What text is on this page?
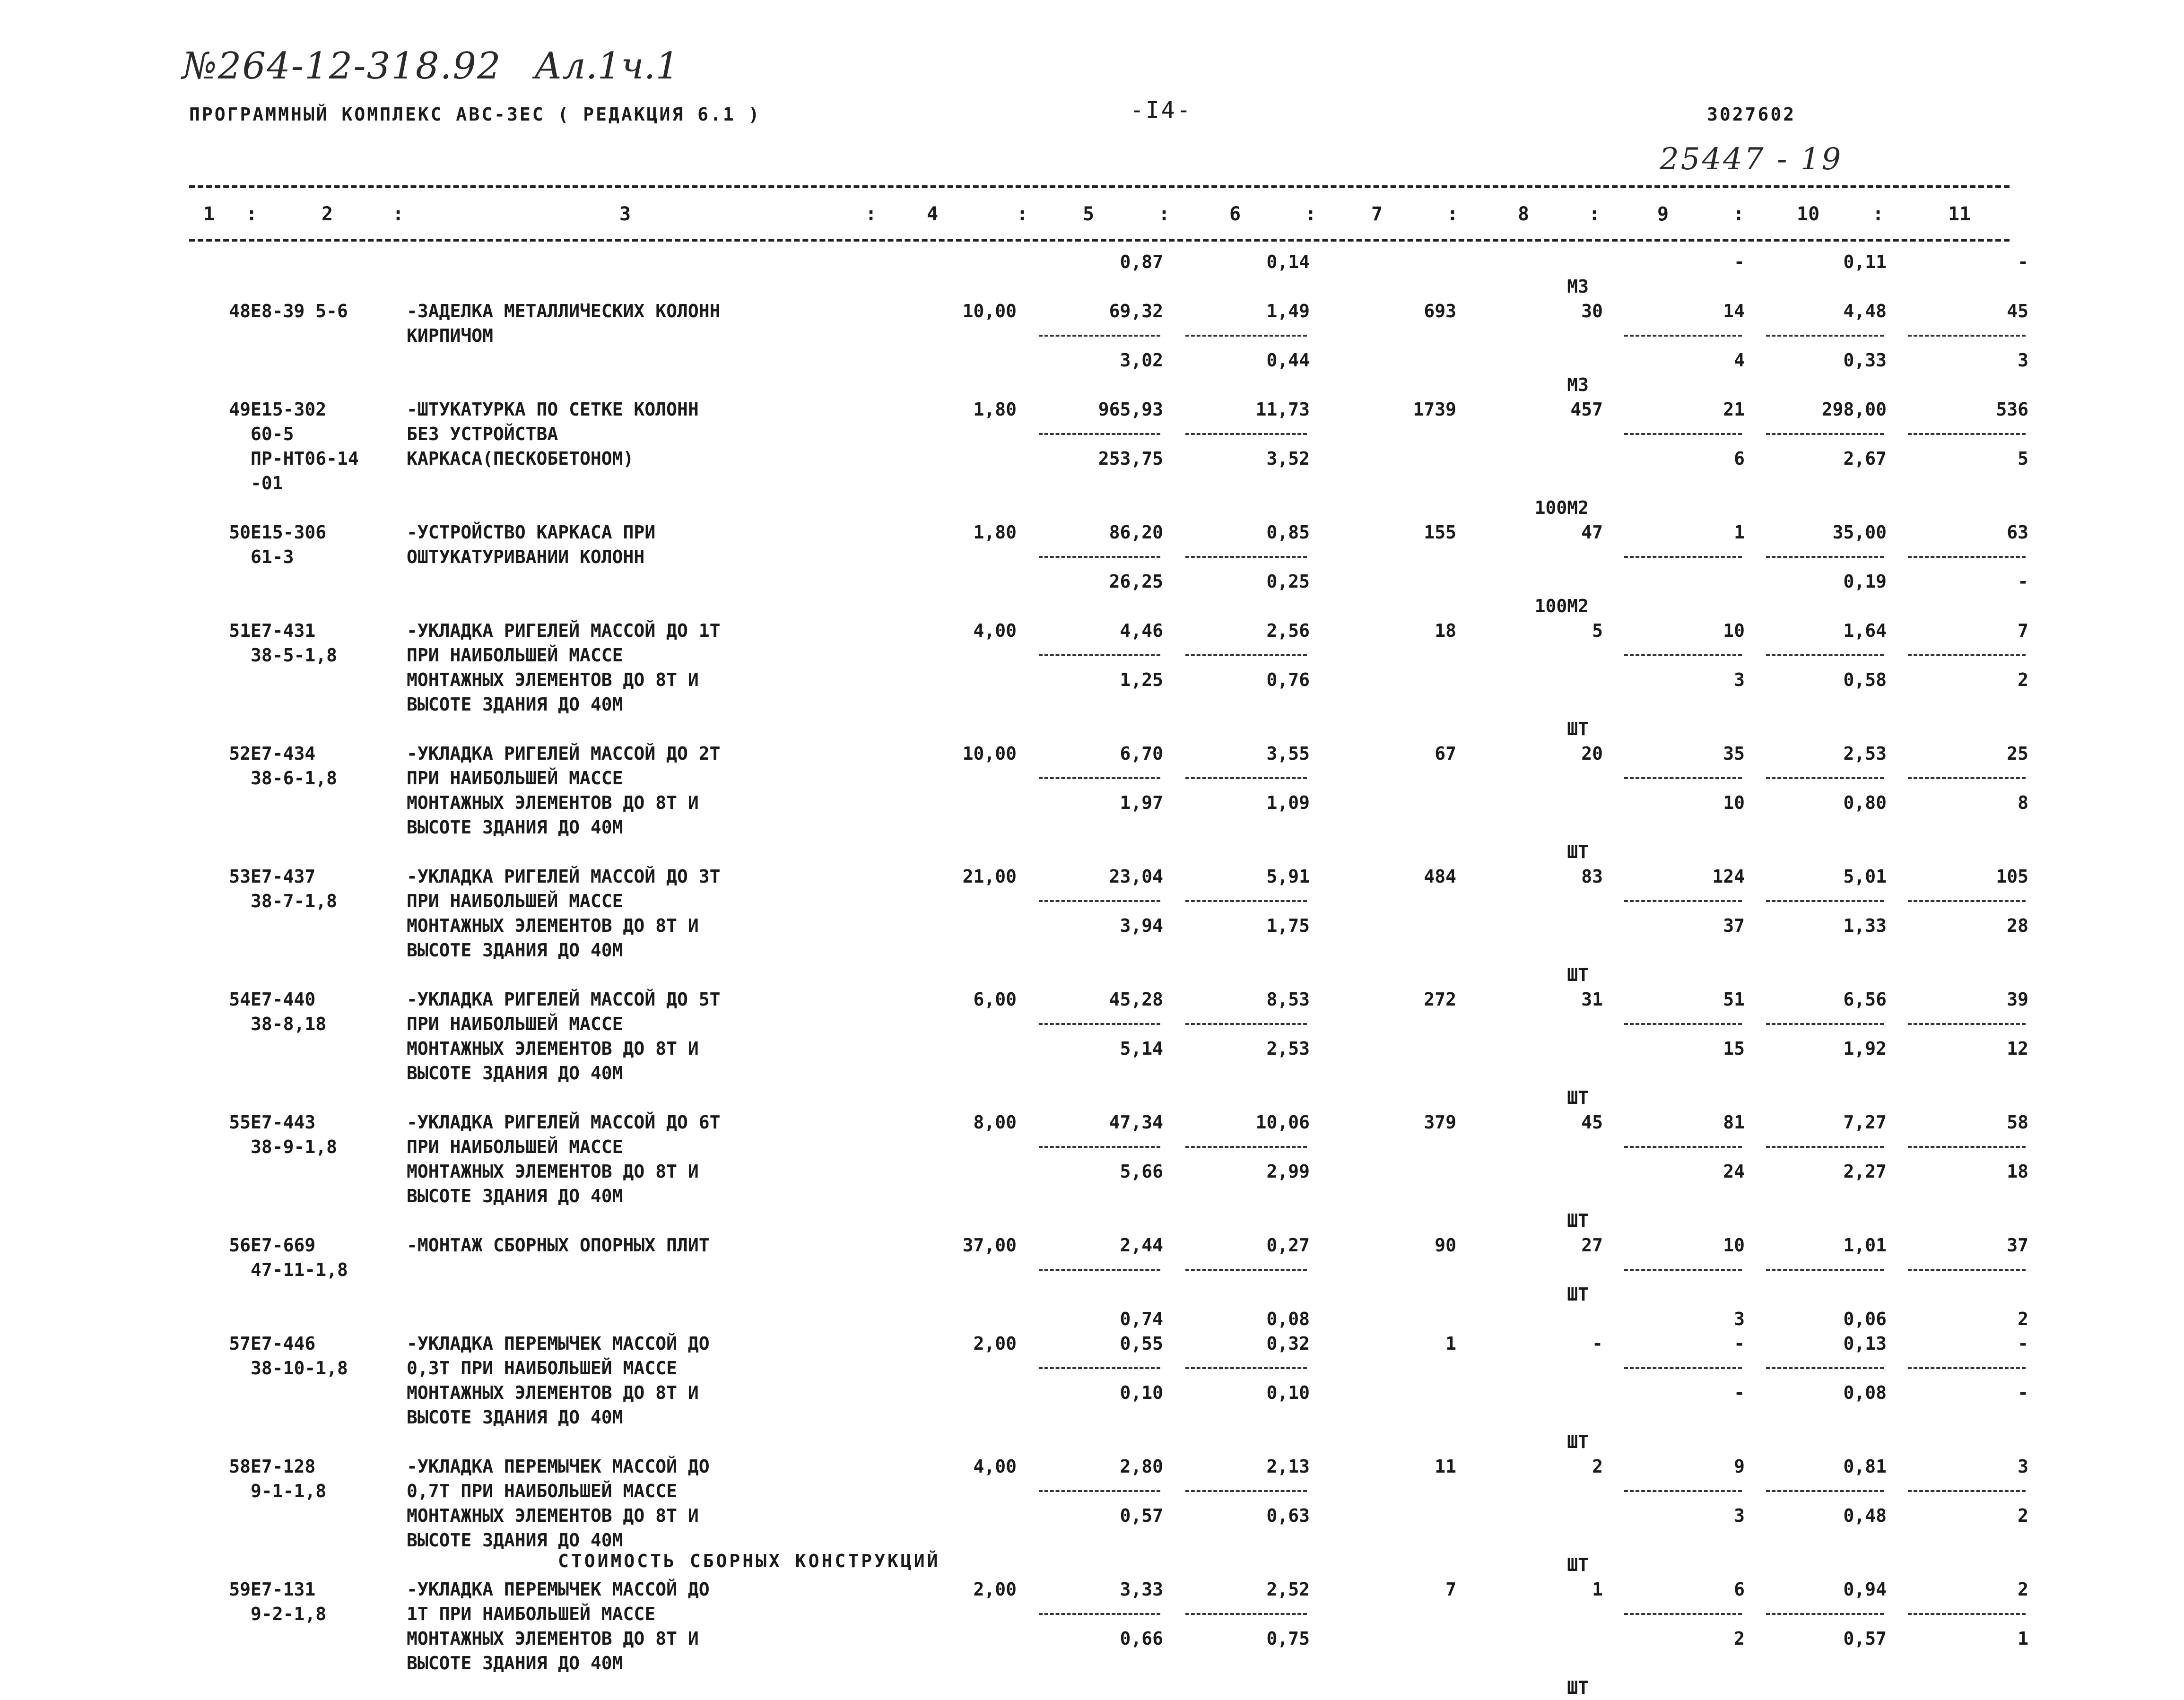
№264-12-318.92 Ал.1ч.1
ПРОГРАММНЫЙ КОМПЛЕКС АВС-3ЕС ( РЕДАКЦИЯ 6.1 )	-I4-	3027602
25447 - 19
1 :	2	:	3	:	4	:	5	:	6	:	7	:	8	:	9	:	10	:	11
				0,87	0,14			-	0,11	-
М3										
48	Е8-39 5-6	-ЗАДЕЛКА МЕТАЛЛИЧЕСКИХ КОЛОНН	10,00	69,32	1,49	693	30	14	4,48	45
		КИРПИЧОМ								
				3,02	0,44			4	0,33	3
М3										
49	Е15-302	-ШТУКАТУРКА ПО СЕТКЕ КОЛОНН	1,80	965,93	11,73	1739	457	21	298,00	536
	60-5	БЕЗ УСТРОЙСТВА								
	ПР-НТ06-14	КАРКАСА(ПЕСКОБЕТОНОМ)		253,75	3,52			6	2,67	5
	-01									
100М2										
50	Е15-306	-УСТРОЙСТВО КАРКАСА ПРИ	1,80	86,20	0,85	155	47	1	35,00	63
	61-3	ОШТУКАТУРИВАНИИ КОЛОНН								
				26,25	0,25				0,19	-
100М2										
51	Е7-431	-УКЛАДКА РИГЕЛЕЙ МАССОЙ ДО 1Т	4,00	4,46	2,56	18	5	10	1,64	7
	38-5-1,8	ПРИ НАИБОЛЬШЕЙ МАССЕ								
		МОНТАЖНЫХ ЭЛЕМЕНТОВ ДО 8Т И		1,25	0,76			3	0,58	2
		ВЫСОТЕ ЗДАНИЯ ДО 40М								
ШТ										
52	Е7-434	-УКЛАДКА РИГЕЛЕЙ МАССОЙ ДО 2Т	10,00	6,70	3,55	67	20	35	2,53	25
	38-6-1,8	ПРИ НАИБОЛЬШЕЙ МАССЕ								
		МОНТАЖНЫХ ЭЛЕМЕНТОВ ДО 8Т И		1,97	1,09			10	0,80	8
		ВЫСОТЕ ЗДАНИЯ ДО 40М								
ШТ										
53	Е7-437	-УКЛАДКА РИГЕЛЕЙ МАССОЙ ДО 3Т	21,00	23,04	5,91	484	83	124	5,01	105
	38-7-1,8	ПРИ НАИБОЛЬШЕЙ МАССЕ								
		МОНТАЖНЫХ ЭЛЕМЕНТОВ ДО 8Т И		3,94	1,75			37	1,33	28
		ВЫСОТЕ ЗДАНИЯ ДО 40М								
ШТ										
54	Е7-440	-УКЛАДКА РИГЕЛЕЙ МАССОЙ ДО 5Т	6,00	45,28	8,53	272	31	51	6,56	39
	38-8,18	ПРИ НАИБОЛЬШЕЙ МАССЕ								
		МОНТАЖНЫХ ЭЛЕМЕНТОВ ДО 8Т И		5,14	2,53			15	1,92	12
		ВЫСОТЕ ЗДАНИЯ ДО 40М								
ШТ										
55	Е7-443	-УКЛАДКА РИГЕЛЕЙ МАССОЙ ДО 6Т	8,00	47,34	10,06	379	45	81	7,27	58
	38-9-1,8	ПРИ НАИБОЛЬШЕЙ МАССЕ								
		МОНТАЖНЫХ ЭЛЕМЕНТОВ ДО 8Т И		5,66	2,99			24	2,27	18
		ВЫСОТЕ ЗДАНИЯ ДО 40М								
ШТ										
56	Е7-669	-МОНТАЖ СБОРНЫХ ОПОРНЫХ ПЛИТ	37,00	2,44	0,27	90	27	10	1,01	37
	47-11-1,8									
ШТ										
				0,74	0,08			3	0,06	2
57	Е7-446	-УКЛАДКА ПЕРЕМЫЧЕК МАССОЙ ДО	2,00	0,55	0,32	1	-	-	0,13	-
	38-10-1,8	0,3Т ПРИ НАИБОЛЬШЕЙ МАССЕ								
		МОНТАЖНЫХ ЭЛЕМЕНТОВ ДО 8Т И		0,10	0,10			-	0,08	-
		ВЫСОТЕ ЗДАНИЯ ДО 40М								
ШТ										
58	Е7-128	-УКЛАДКА ПЕРЕМЫЧЕК МАССОЙ ДО	4,00	2,80	2,13	11	2	9	0,81	3
	9-1-1,8	0,7Т ПРИ НАИБОЛЬШЕЙ МАССЕ								
		МОНТАЖНЫХ ЭЛЕМЕНТОВ ДО 8Т И		0,57	0,63			3	0,48	2
		ВЫСОТЕ ЗДАНИЯ ДО 40М								
ШТ										
59	Е7-131	-УКЛАДКА ПЕРЕМЫЧЕК МАССОЙ ДО	2,00	3,33	2,52	7	1	6	0,94	2
	9-2-1,8	1Т ПРИ НАИБОЛЬШЕЙ МАССЕ								
		МОНТАЖНЫХ ЭЛЕМЕНТОВ ДО 8Т И		0,66	0,75			2	0,57	1
		ВЫСОТЕ ЗДАНИЯ ДО 40М								
ШТ										
СТОИМОСТЬ СБОРНЫХ КОНСТРУКЦИЙ
